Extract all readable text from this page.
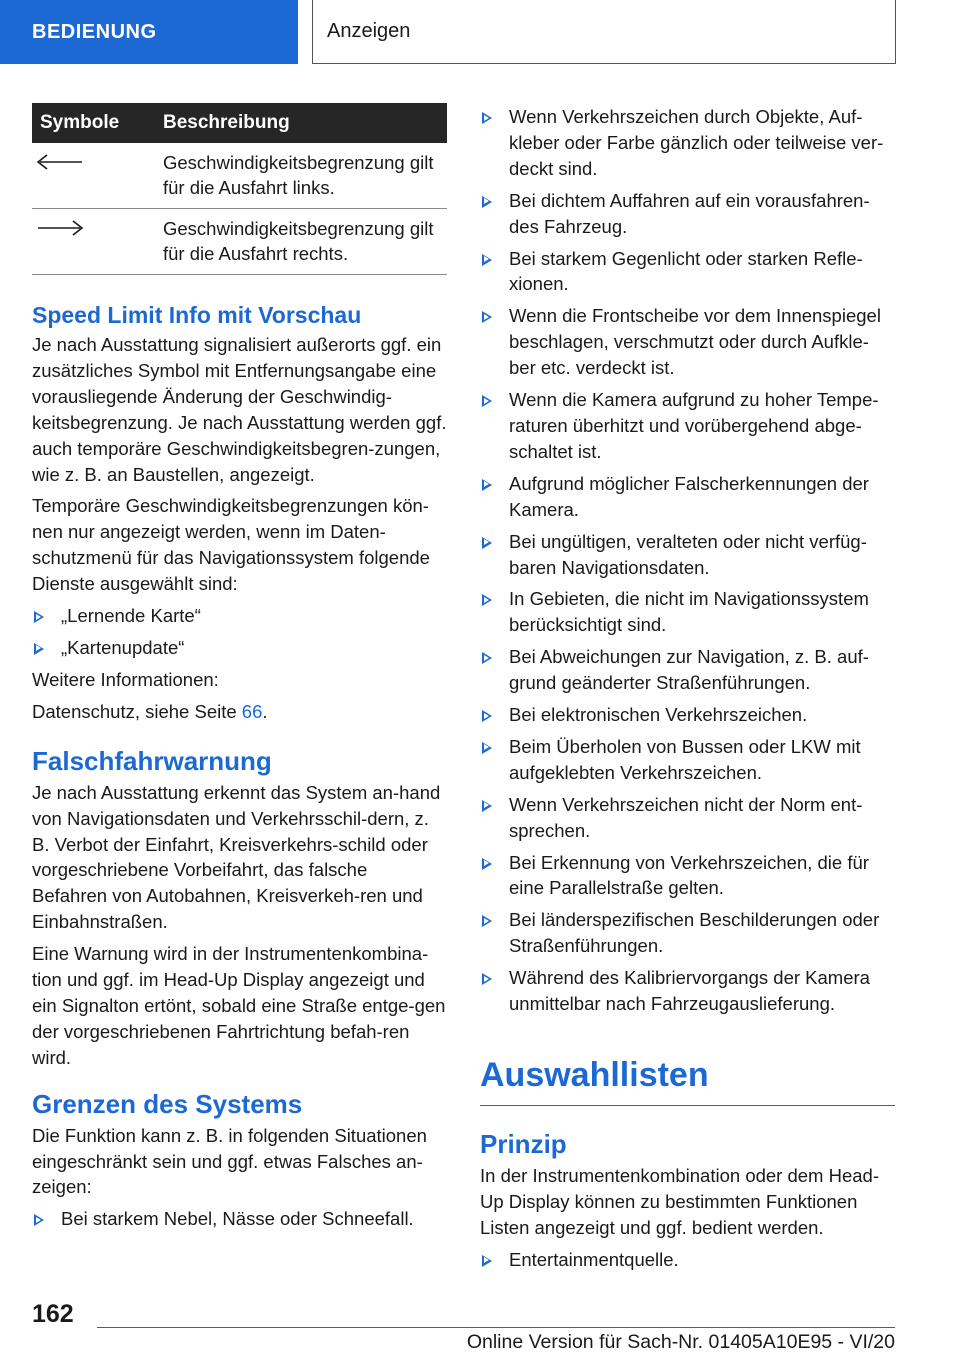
BEDIENUNG	Anzeigen
Symbole	Beschreibung

	Geschwindigkeitsbegrenzung gilt für die Ausfahrt links.

	Geschwindigkeitsbegrenzung gilt für die Ausfahrt rechts.
Speed Limit Info mit Vorschau

Je nach Ausstattung signalisiert außerorts ggf. ein zusätzliches Symbol mit Entfernungsangabe eine vorausliegende Änderung der Geschwindig-keitsbegrenzung. Je nach Ausstattung werden ggf. auch temporäre Geschwindigkeitsbegren-zungen, wie z. B. an Baustellen, angezeigt.

Temporäre Geschwindigkeitsbegrenzungen kön-nen nur angezeigt werden, wenn im Daten-schutzmenü für das Navigationssystem folgende Dienste ausgewählt sind:

„Lernende Karte“
„Kartenupdate“

Weitere Informationen:

Datenschutz, siehe Seite 66.

Falschfahrwarnung

Je nach Ausstattung erkennt das System an-hand von Navigationsdaten und Verkehrsschil-dern, z. B. Verbot der Einfahrt, Kreisverkehrs-schild oder vorgeschriebene Vorbeifahrt, das falsche Befahren von Autobahnen, Kreisverkeh-ren und Einbahnstraßen.

Eine Warnung wird in der Instrumentenkombina-tion und ggf. im Head-Up Display angezeigt und ein Signalton ertönt, sobald eine Straße entge-gen der vorgeschriebenen Fahrtrichtung befah-ren wird.

Grenzen des Systems

Die Funktion kann z. B. in folgenden Situationen eingeschränkt sein und ggf. etwas Falsches an-zeigen:

Bei starkem Nebel, Nässe oder Schneefall.
Wenn Verkehrszeichen durch Objekte, Auf-kleber oder Farbe gänzlich oder teilweise ver-deckt sind.
Bei dichtem Auffahren auf ein vorausfahren-des Fahrzeug.
Bei starkem Gegenlicht oder starken Refle-xionen.
Wenn die Frontscheibe vor dem Innenspiegel beschlagen, verschmutzt oder durch Aufkle-ber etc. verdeckt ist.
Wenn die Kamera aufgrund zu hoher Tempe-raturen überhitzt und vorübergehend abge-schaltet ist.
Aufgrund möglicher Falscherkennungen der Kamera.
Bei ungültigen, veralteten oder nicht verfüg-baren Navigationsdaten.
In Gebieten, die nicht im Navigationssystem berücksichtigt sind.
Bei Abweichungen zur Navigation, z. B. auf-grund geänderter Straßenführungen.
Bei elektronischen Verkehrszeichen.
Beim Überholen von Bussen oder LKW mit aufgeklebten Verkehrszeichen.
Wenn Verkehrszeichen nicht der Norm ent-sprechen.
Bei Erkennung von Verkehrszeichen, die für eine Parallelstraße gelten.
Bei länderspezifischen Beschilderungen oder Straßenführungen.
Während des Kalibriervorgangs der Kamera unmittelbar nach Fahrzeugauslieferung.
Auswahllisten
Prinzip

In der Instrumentenkombination oder dem Head-Up Display können zu bestimmten Funktionen Listen angezeigt und ggf. bedient werden.

Entertainmentquelle.
162
Online Version für Sach-Nr. 01405A10E95 - VI/20
